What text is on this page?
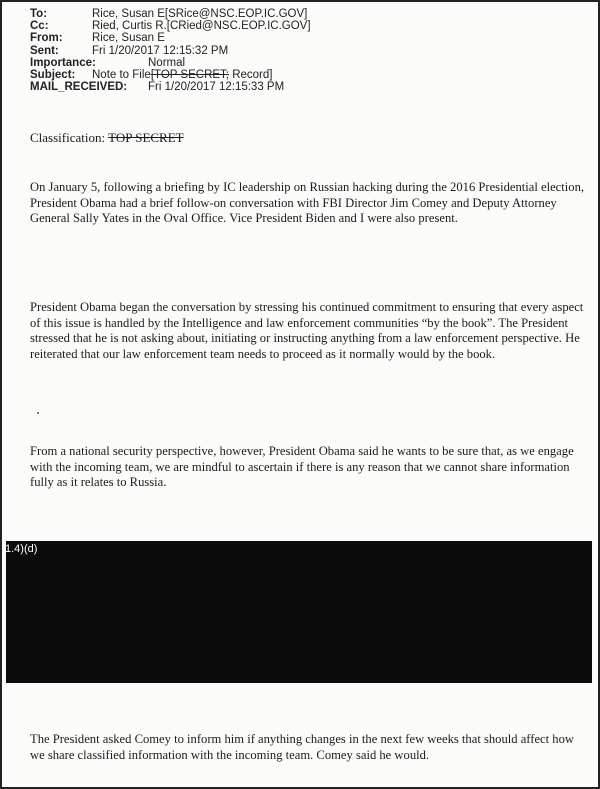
To:	Rice, Susan E[SRice@NSC.EOP.IC.GOV]
Cc:	Ried, Curtis R.[CRied@NSC.EOP.IC.GOV]
From:	Rice, Susan E
Sent:	Fri 1/20/2017 12:15:32 PM
Importance:	Normal
Subject: Note to File[TOP SECRET; Record]
MAIL_RECEIVED: Fri 1/20/2017 12:15:33 PM
Classification: TOP SECRET

On January 5, following a briefing by IC leadership on Russian hacking during the 2016 Presidential election, President Obama had a brief follow-on conversation with FBI Director Jim Comey and Deputy Attorney General Sally Yates in the Oval Office. Vice President Biden and I were also present.

President Obama began the conversation by stressing his continued commitment to ensuring that every aspect of this issue is handled by the Intelligence and law enforcement communities “by the book”. The President stressed that he is not asking about, initiating or instructing anything from a law enforcement perspective. He reiterated that our law enforcement team needs to proceed as it normally would by the book.

From a national security perspective, however, President Obama said he wants to be sure that, as we engage with the incoming team, we are mindful to ascertain if there is any reason that we cannot share information fully as it relates to Russia.

1.4)(d)

The President asked Comey to inform him if anything changes in the next few weeks that should affect how we share classified information with the incoming team. Comey said he would.
